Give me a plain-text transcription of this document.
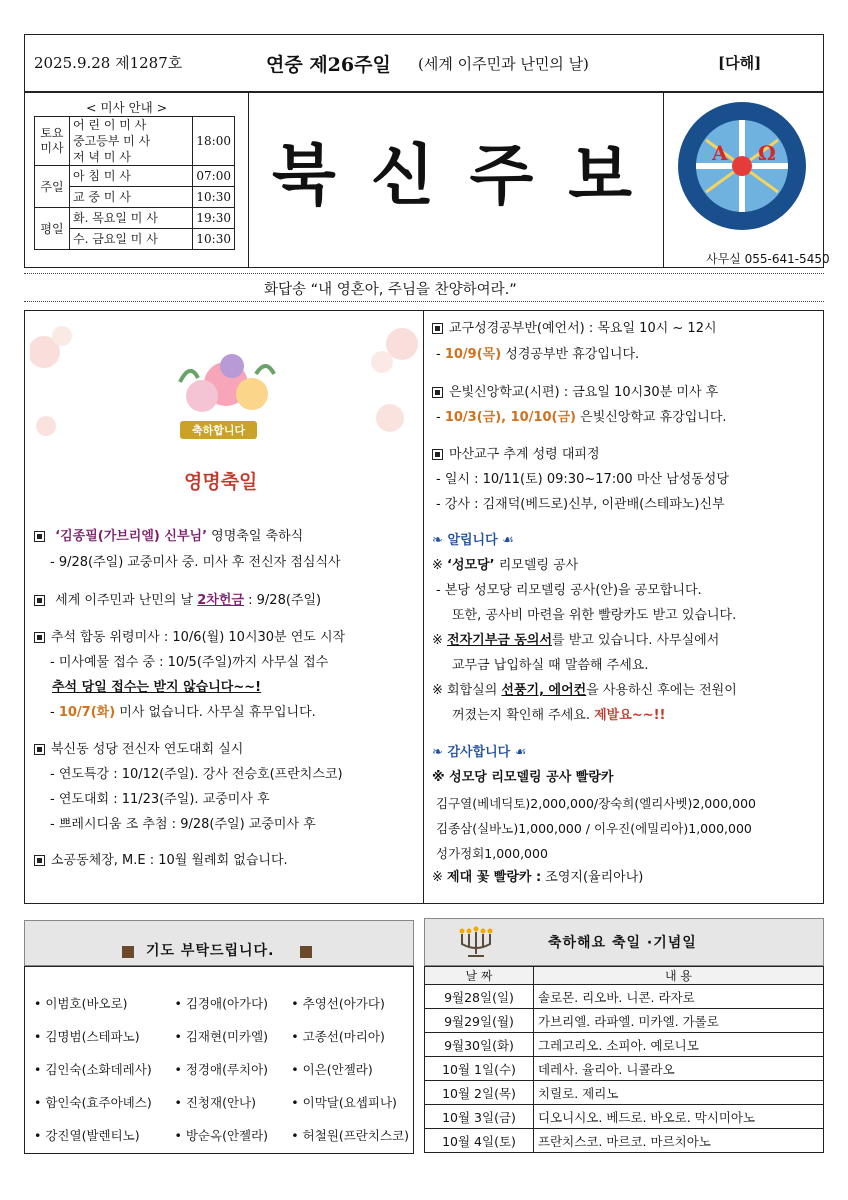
2025.9.28 제1287호	연중 제26주일 (세계 이주민과 난민의 날)	[다해]
< 미사 안내 >
토요
미사	어 린 이 미 사	18:00
	중고등부 미 사	
	저 녁 미 사	
주일	아 침 미 사	07:00
	교 중 미 사	10:30
평일	화. 목요일 미 사	19:30
	수. 금요일 미 사	10:30
북 신 주 보	A Ω
사무실 055-641-5450
화답송 “내 영혼아, 주님을 찬양하여라.”
축하합니다
영명축일
‘김종필(가브리엘) 신부님’ 영명축일 축하식
- 9/28(주일) 교중미사 중. 미사 후 전신자 점심식사
세계 이주민과 난민의 날 2차헌금 : 9/28(주일)
추석 합동 위령미사 : 10/6(월) 10시30분 연도 시작
- 미사예물 접수 중 : 10/5(주일)까지 사무실 접수
추석 당일 접수는 받지 않습니다~~!
- 10/7(화) 미사 없습니다. 사무실 휴무입니다.
북신동 성당 전신자 연도대회 실시
- 연도특강 : 10/12(주일). 강사 전승호(프란치스코)
- 연도대회 : 11/23(주일). 교중미사 후
- 쁘레시디움 조 추첨 : 9/28(주일) 교중미사 후
소공동체장, M.E : 10월 월례회 없습니다.
교구성경공부반(예언서) : 목요일 10시 ~ 12시
- 10/9(목) 성경공부반 휴강입니다.
은빛신앙학교(시편) : 금요일 10시30분 미사 후
- 10/3(금), 10/10(금) 은빛신앙학교 휴강입니다.
마산교구 추계 성령 대피정
- 일시 : 10/11(토) 09:30~17:00 마산 남성동성당
- 강사 : 김재덕(베드로)신부, 이관배(스테파노)신부
❧ 알립니다 ☙
※ ‘성모당’ 리모델링 공사
- 본당 성모당 리모델링 공사(안)을 공모합니다.
또한, 공사비 마련을 위한 빨랑카도 받고 있습니다.
※ 전자기부금 동의서를 받고 있습니다. 사무실에서
교무금 납입하실 때 말씀해 주세요.
※ 회합실의 선풍기, 에어컨을 사용하신 후에는 전원이
꺼졌는지 확인해 주세요. 제발요~~!!
❧ 감사합니다 ☙
※ 성모당 리모델링 공사 빨랑카
김구열(베네딕토)2,000,000/장숙희(엘리사벳)2,000,000
김종삼(실바노)1,000,000 / 이우진(에밀리아)1,000,000
성가정회1,000,000
※ 제대 꽃 빨랑카 : 조영지(율리아나)
기도 부탁드립니다.
• 이범호(바오로)	• 김경애(아가다)	• 추영선(아가다)
• 김명범(스테파노)	• 김재현(미카엘)	• 고종선(마리아)
• 김인숙(소화데레사)	• 정경애(루치아)	• 이은(안젤라)
• 함인숙(효주아녜스)	• 진청재(안나)	• 이막달(요셉피나)
• 강진열(발렌티노)	• 방순옥(안젤라)	• 허철원(프란치스코)
축하해요 축일 ·기념일
날 짜	내 용
9월28일(일)	솔로몬. 리오바. 니콘. 라자로
9월29일(월)	가브리엘. 라파엘. 미카엘. 가롤로
9월30일(화)	그레고리오. 소피아. 예로니모
10월 1일(수)	데레사. 율리아. 니콜라오
10월 2일(목)	치릴로. 제리노
10월 3일(금)	디오니시오. 베드로. 바오로. 막시미아노
10월 4일(토)	프란치스코. 마르코. 마르치아노
